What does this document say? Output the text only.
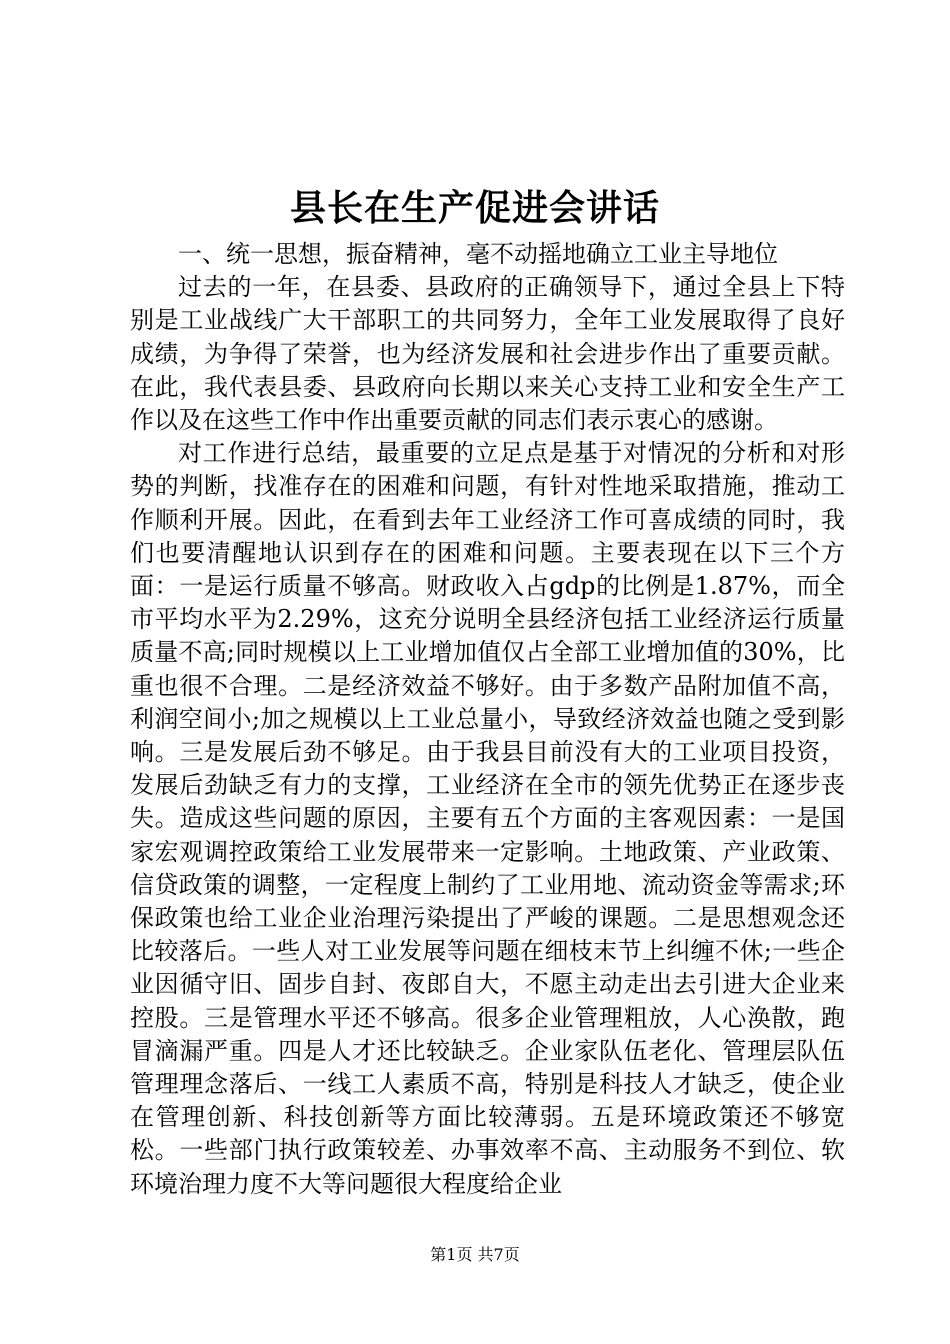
县长在生产促进会讲话

一、统一思想，振奋精神，毫不动摇地确立工业主导地位

过去的一年，在县委、县政府的正确领导下，通过全县上下特别是工业战线广大干部职工的共同努力，全年工业发展取得了良好成绩，为争得了荣誉，也为经济发展和社会进步作出了重要贡献。在此，我代表县委、县政府向长期以来关心支持工业和安全生产工作以及在这些工作中作出重要贡献的同志们表示衷心的感谢。

对工作进行总结，最重要的立足点是基于对情况的分析和对形势的判断，找准存在的困难和问题，有针对性地采取措施，推动工作顺利开展。因此，在看到去年工业经济工作可喜成绩的同时，我们也要清醒地认识到存在的困难和问题。主要表现在以下三个方面：一是运行质量不够高。财政收入占gdp的比例是1.87%，而全市平均水平为2.29%，这充分说明全县经济包括工业经济运行质量质量不高;同时规模以上工业增加值仅占全部工业增加值的30%，比重也很不合理。二是经济效益不够好。由于多数产品附加值不高，利润空间小;加之规模以上工业总量小，导致经济效益也随之受到影响。三是发展后劲不够足。由于我县目前没有大的工业项目投资，发展后劲缺乏有力的支撑，工业经济在全市的领先优势正在逐步丧失。造成这些问题的原因，主要有五个方面的主客观因素：一是国家宏观调控政策给工业发展带来一定影响。土地政策、产业政策、信贷政策的调整，一定程度上制约了工业用地、流动资金等需求;环保政策也给工业企业治理污染提出了严峻的课题。二是思想观念还比较落后。一些人对工业发展等问题在细枝末节上纠缠不休;一些企业因循守旧、固步自封、夜郎自大，不愿主动走出去引进大企业来控股。三是管理水平还不够高。很多企业管理粗放，人心涣散，跑冒滴漏严重。四是人才还比较缺乏。企业家队伍老化、管理层队伍管理理念落后、一线工人素质不高，特别是科技人才缺乏，使企业在管理创新、科技创新等方面比较薄弱。五是环境政策还不够宽松。一些部门执行政策较差、办事效率不高、主动服务不到位、软环境治理力度不大等问题很大程度给企业

第1页 共7页
